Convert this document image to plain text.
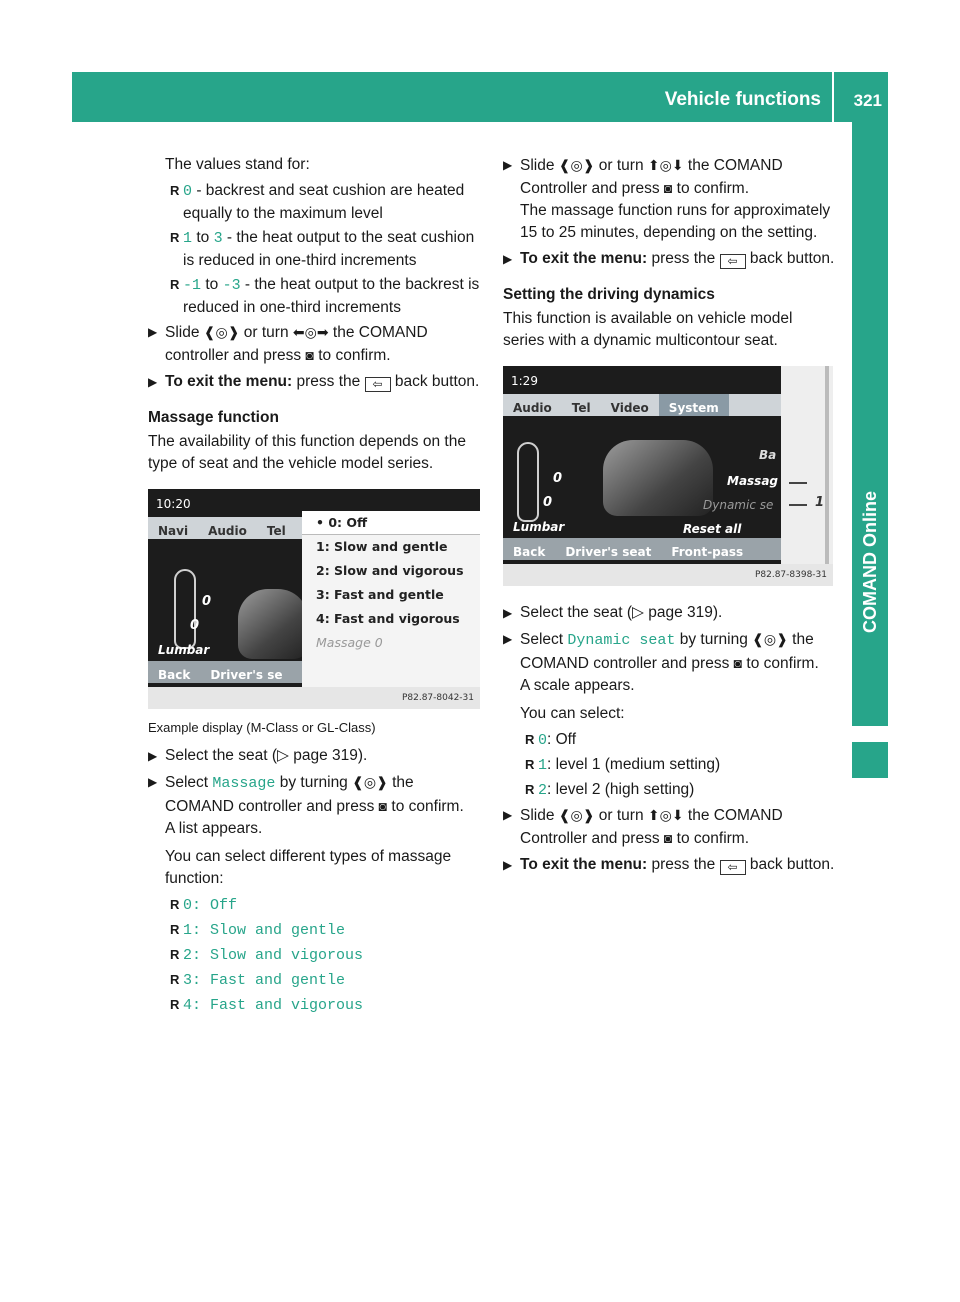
Vehicle functions 321
COMAND Online
The values stand for:
R 0 - backrest and seat cushion are heated equally to the maximum level
R 1 to 3 - the heat output to the seat cushion is reduced in one-third increments
R -1 to -3 - the heat output to the backrest is reduced in one-third increments
▶ Slide ❰◎❱ or turn ⬅◎➡ the COMAND controller and press ◙ to confirm.
▶ To exit the menu: press the ⇦ back button.
Massage function
The availability of this function depends on the type of seat and the vehicle model series.
10:20
Navi	Audio	Tel
0
0
Lumbar
Back	Driver's se
• 0: Off
1: Slow and gentle
2: Slow and vigorous
3: Fast and gentle
4: Fast and vigorous
Massage 0
P82.87-8042-31
Example display (M-Class or GL-Class)
▶ Select the seat (▷ page 319).
▶ Select Massage by turning ❰◎❱ the COMAND controller and press ◙ to confirm.
A list appears.
You can select different types of massage function:
R 0: Off
R 1: Slow and gentle
R 2: Slow and vigorous
R 3: Fast and gentle
R 4: Fast and vigorous
▶ Slide ❰◎❱ or turn ⬆◎⬇ the COMAND Controller and press ◙ to confirm.
The massage function runs for approximately 15 to 25 minutes, depending on the setting.
▶ To exit the menu: press the ⇦ back button.
Setting the driving dynamics
This function is available on vehicle model series with a dynamic multicontour seat.
1:29
Audio	Tel	Video	System
0
0
Lumbar
Ba
Massag
Dynamic se
Reset all
Back	Driver's seat	Front-pass
1
P82.87-8398-31
▶ Select the seat (▷ page 319).
▶ Select Dynamic seat by turning ❰◎❱ the COMAND controller and press ◙ to confirm.
A scale appears.
You can select:
R 0: Off
R 1: level 1 (medium setting)
R 2: level 2 (high setting)
▶ Slide ❰◎❱ or turn ⬆◎⬇ the COMAND Controller and press ◙ to confirm.
▶ To exit the menu: press the ⇦ back button.
